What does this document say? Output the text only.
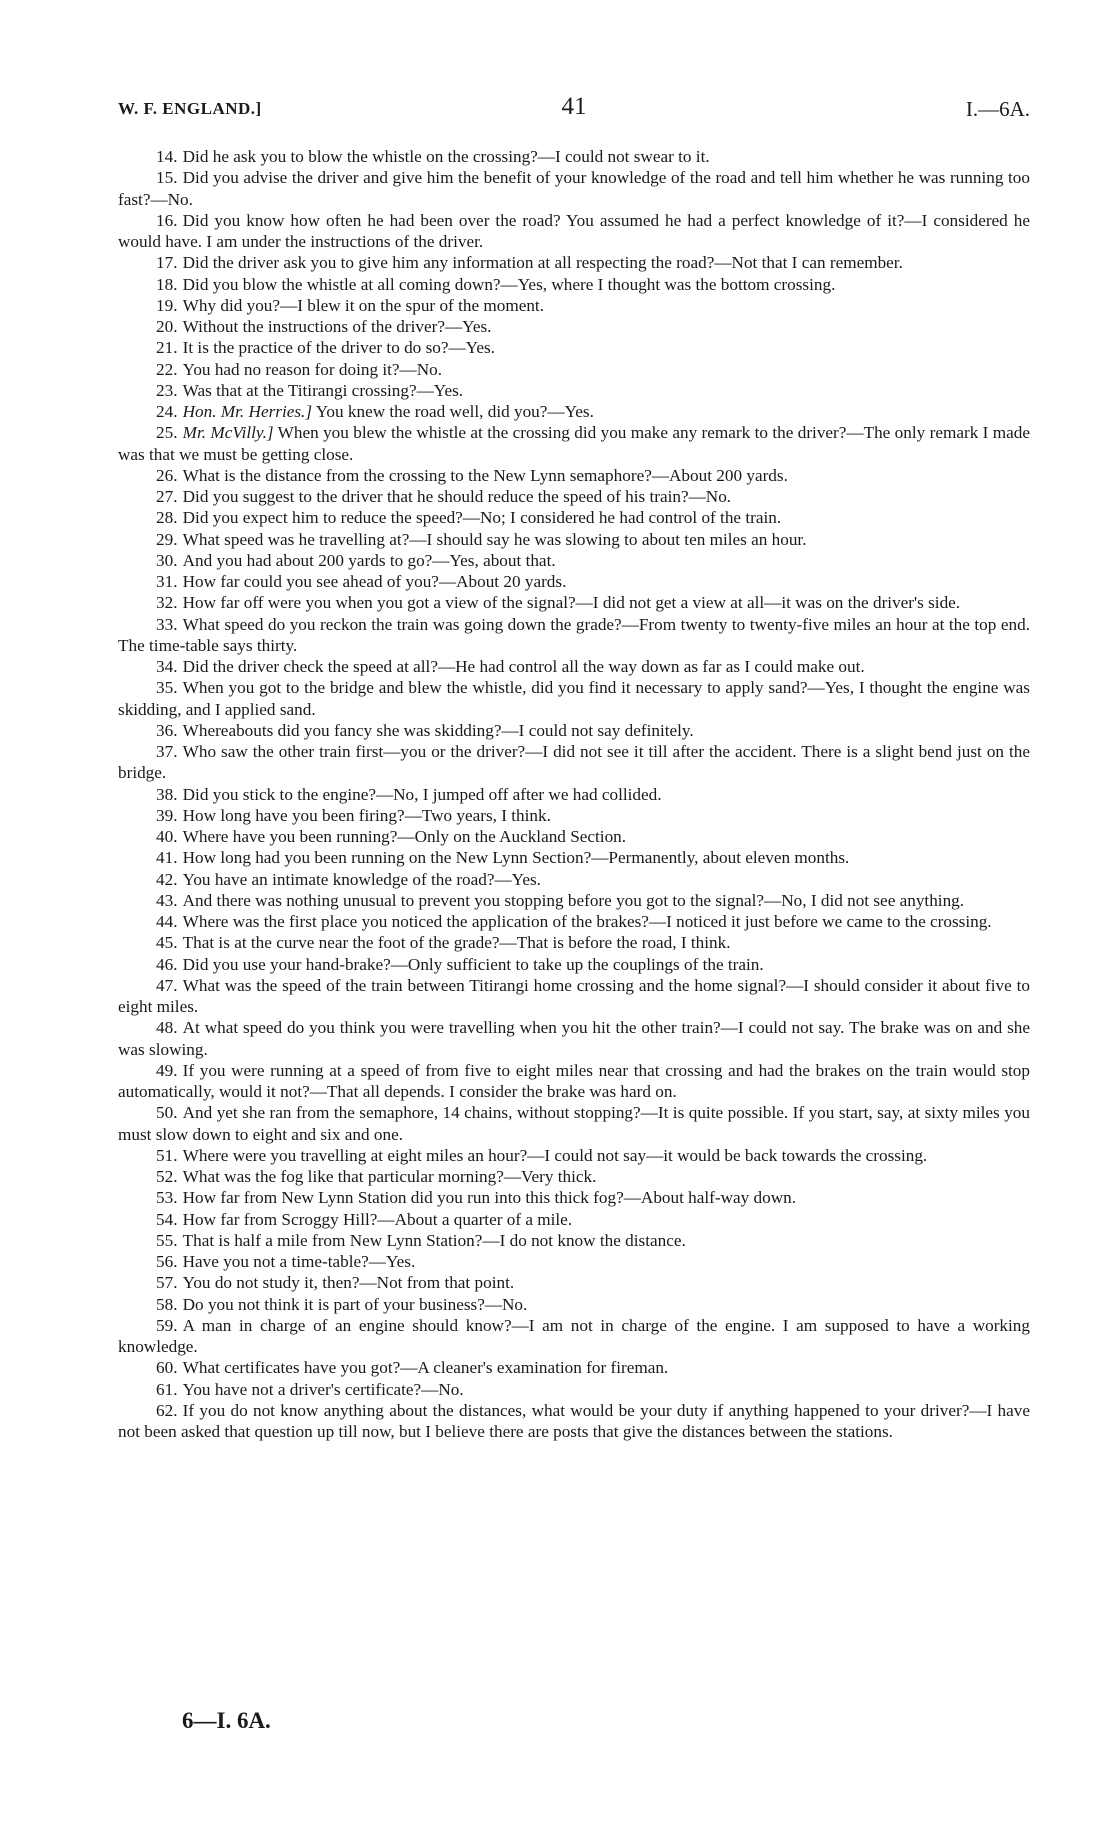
W. F. ENGLAND.]	41	I.—6A.

14. Did he ask you to blow the whistle on the crossing?—I could not swear to it.

15. Did you advise the driver and give him the benefit of your knowledge of the road and tell him whether he was running too fast?—No.

16. Did you know how often he had been over the road? You assumed he had a perfect knowledge of it?—I considered he would have. I am under the instructions of the driver.

17. Did the driver ask you to give him any information at all respecting the road?—Not that I can remember.

18. Did you blow the whistle at all coming down?—Yes, where I thought was the bottom crossing.

19. Why did you?—I blew it on the spur of the moment.

20. Without the instructions of the driver?—Yes.

21. It is the practice of the driver to do so?—Yes.

22. You had no reason for doing it?—No.

23. Was that at the Titirangi crossing?—Yes.

24. Hon. Mr. Herries.] You knew the road well, did you?—Yes.

25. Mr. McVilly.] When you blew the whistle at the crossing did you make any remark to the driver?—The only remark I made was that we must be getting close.

26. What is the distance from the crossing to the New Lynn semaphore?—About 200 yards.

27. Did you suggest to the driver that he should reduce the speed of his train?—No.

28. Did you expect him to reduce the speed?—No; I considered he had control of the train.

29. What speed was he travelling at?—I should say he was slowing to about ten miles an hour.

30. And you had about 200 yards to go?—Yes, about that.

31. How far could you see ahead of you?—About 20 yards.

32. How far off were you when you got a view of the signal?—I did not get a view at all—it was on the driver's side.

33. What speed do you reckon the train was going down the grade?—From twenty to twenty-five miles an hour at the top end. The time-table says thirty.

34. Did the driver check the speed at all?—He had control all the way down as far as I could make out.

35. When you got to the bridge and blew the whistle, did you find it necessary to apply sand?—Yes, I thought the engine was skidding, and I applied sand.

36. Whereabouts did you fancy she was skidding?—I could not say definitely.

37. Who saw the other train first—you or the driver?—I did not see it till after the accident. There is a slight bend just on the bridge.

38. Did you stick to the engine?—No, I jumped off after we had collided.

39. How long have you been firing?—Two years, I think.

40. Where have you been running?—Only on the Auckland Section.

41. How long had you been running on the New Lynn Section?—Permanently, about eleven months.

42. You have an intimate knowledge of the road?—Yes.

43. And there was nothing unusual to prevent you stopping before you got to the signal?—No, I did not see anything.

44. Where was the first place you noticed the application of the brakes?—I noticed it just before we came to the crossing.

45. That is at the curve near the foot of the grade?—That is before the road, I think.

46. Did you use your hand-brake?—Only sufficient to take up the couplings of the train.

47. What was the speed of the train between Titirangi home crossing and the home signal?—I should consider it about five to eight miles.

48. At what speed do you think you were travelling when you hit the other train?—I could not say. The brake was on and she was slowing.

49. If you were running at a speed of from five to eight miles near that crossing and had the brakes on the train would stop automatically, would it not?—That all depends. I consider the brake was hard on.

50. And yet she ran from the semaphore, 14 chains, without stopping?—It is quite possible. If you start, say, at sixty miles you must slow down to eight and six and one.

51. Where were you travelling at eight miles an hour?—I could not say—it would be back towards the crossing.

52. What was the fog like that particular morning?—Very thick.

53. How far from New Lynn Station did you run into this thick fog?—About half-way down.

54. How far from Scroggy Hill?—About a quarter of a mile.

55. That is half a mile from New Lynn Station?—I do not know the distance.

56. Have you not a time-table?—Yes.

57. You do not study it, then?—Not from that point.

58. Do you not think it is part of your business?—No.

59. A man in charge of an engine should know?—I am not in charge of the engine. I am supposed to have a working knowledge.

60. What certificates have you got?—A cleaner's examination for fireman.

61. You have not a driver's certificate?—No.

62. If you do not know anything about the distances, what would be your duty if anything happened to your driver?—I have not been asked that question up till now, but I believe there are posts that give the distances between the stations.

6—I. 6A.
